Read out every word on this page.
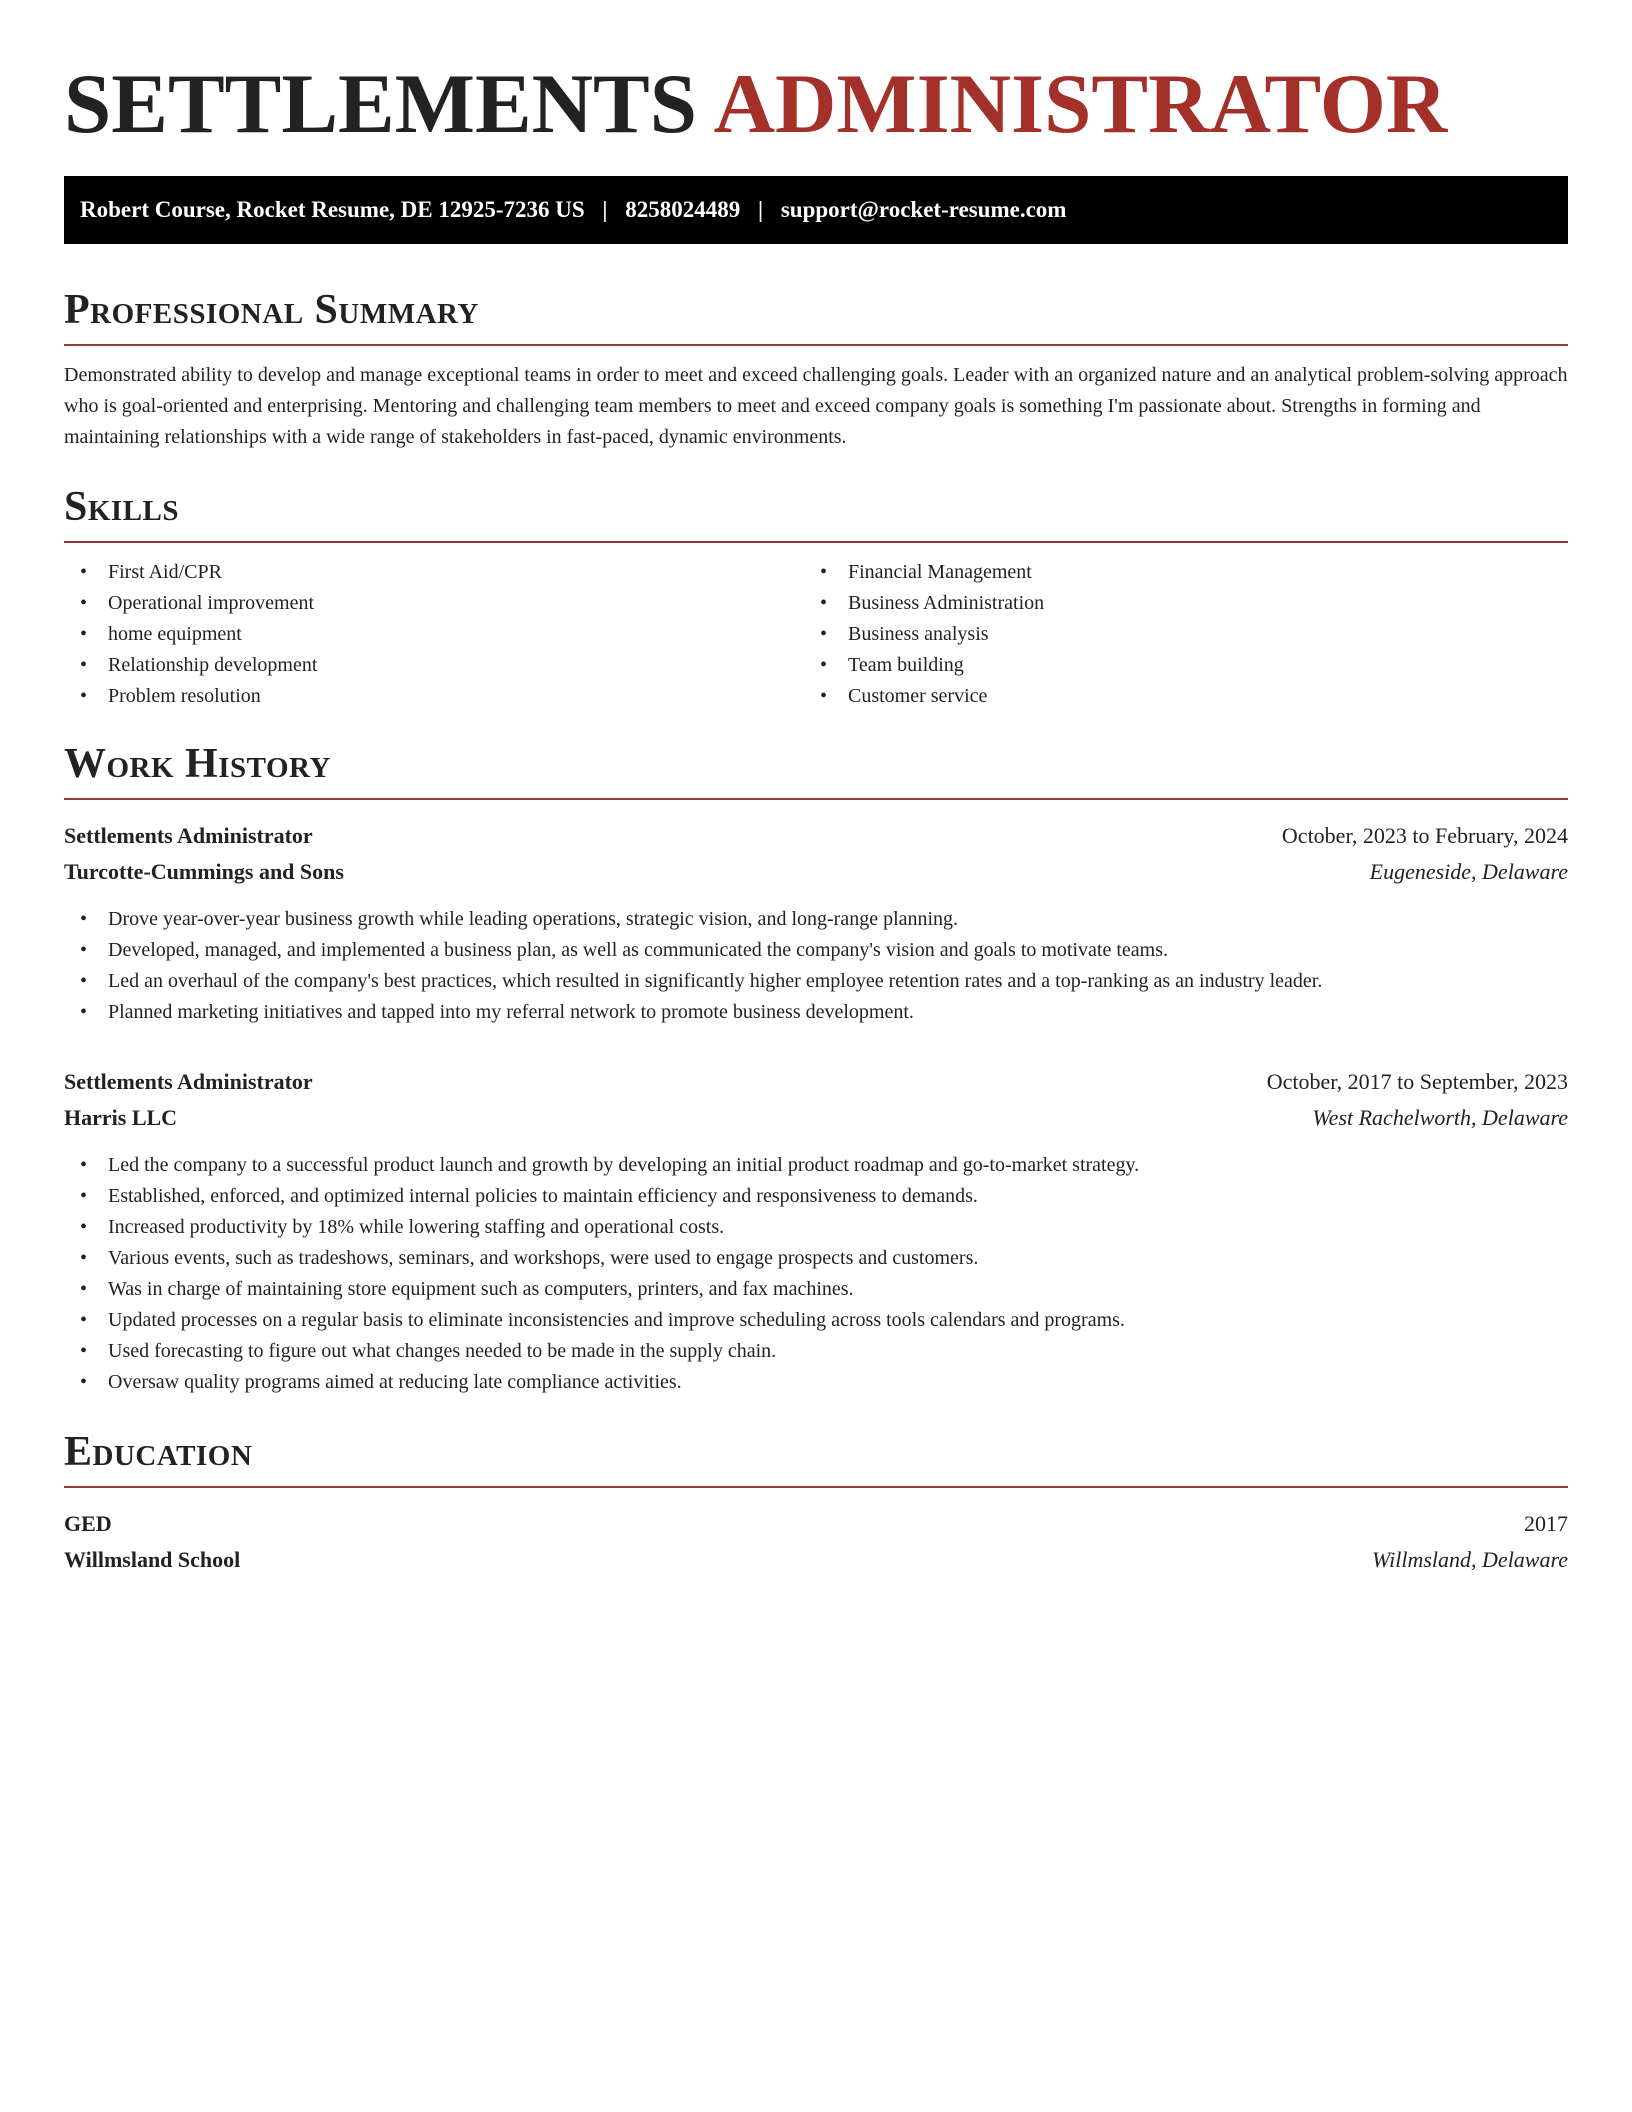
SETTLEMENTS ADMINISTRATOR
Robert Course, Rocket Resume, DE 12925-7236 US | 8258024489 | support@rocket-resume.com
Professional Summary

Demonstrated ability to develop and manage exceptional teams in order to meet and exceed challenging goals. Leader with an organized nature and an analytical problem-solving approach who is goal-oriented and enterprising. Mentoring and challenging team members to meet and exceed company goals is something I'm passionate about. Strengths in forming and maintaining relationships with a wide range of stakeholders in fast-paced, dynamic environments.

Skills
• First Aid/CPR
• Operational improvement
• home equipment
• Relationship development
• Problem resolution
• Financial Management
• Business Administration
• Business analysis
• Team building
• Customer service
Work History
Settlements Administrator	October, 2023 to February, 2024
Turcotte-Cummings and Sons	Eugeneside, Delaware
• Drove year-over-year business growth while leading operations, strategic vision, and long-range planning.
• Developed, managed, and implemented a business plan, as well as communicated the company's vision and goals to motivate teams.
• Led an overhaul of the company's best practices, which resulted in significantly higher employee retention rates and a top-ranking as an industry leader.
• Planned marketing initiatives and tapped into my referral network to promote business development.
Settlements Administrator	October, 2017 to September, 2023
Harris LLC	West Rachelworth, Delaware
• Led the company to a successful product launch and growth by developing an initial product roadmap and go-to-market strategy.
• Established, enforced, and optimized internal policies to maintain efficiency and responsiveness to demands.
• Increased productivity by 18% while lowering staffing and operational costs.
• Various events, such as tradeshows, seminars, and workshops, were used to engage prospects and customers.
• Was in charge of maintaining store equipment such as computers, printers, and fax machines.
• Updated processes on a regular basis to eliminate inconsistencies and improve scheduling across tools calendars and programs.
• Used forecasting to figure out what changes needed to be made in the supply chain.
• Oversaw quality programs aimed at reducing late compliance activities.
Education
GED	2017
Willmsland School	Willmsland, Delaware
